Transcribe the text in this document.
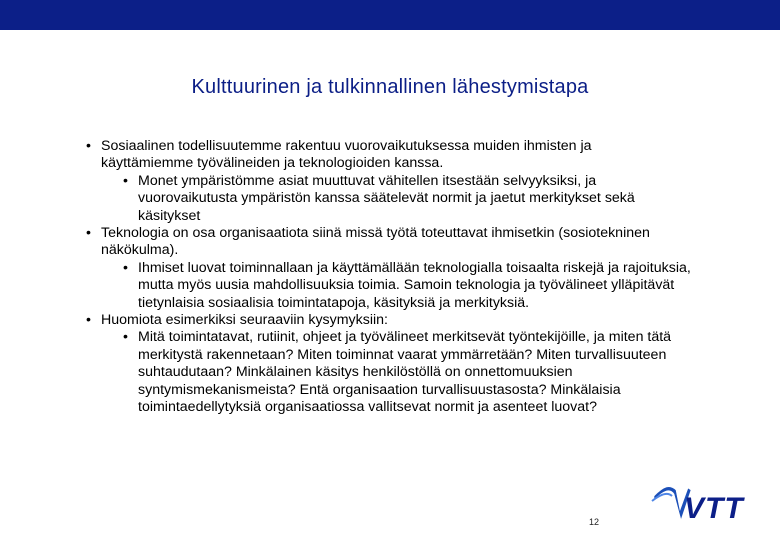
Kulttuurinen ja tulkinnallinen lähestymistapa

• Sosiaalinen todellisuutemme rakentuu vuorovaikutuksessa muiden ihmisten ja käyttämiemme työvälineiden ja teknologioiden kanssa.

• Monet ympäristömme asiat muuttuvat vähitellen itsestään selvyyksiksi, ja vuorovaikutusta ympäristön kanssa säätelevät normit ja jaetut merkitykset sekä käsitykset

• Teknologia on osa organisaatiota siinä missä työtä toteuttavat ihmisetkin (sosiotekninen näkökulma).

• Ihmiset luovat toiminnallaan ja käyttämällään teknologialla toisaalta riskejä ja rajoituksia, mutta myös uusia mahdollisuuksia toimia. Samoin teknologia ja työvälineet ylläpitävät tietynlaisia sosiaalisia toimintatapoja, käsityksiä ja merkityksiä.

• Huomiota esimerkiksi seuraaviin kysymyksiin:

• Mitä toimintatavat, rutiinit, ohjeet ja työvälineet merkitsevät työntekijöille, ja miten tätä merkitystä rakennetaan? Miten toiminnat vaarat ymmärretään? Miten turvallisuuteen suhtaudutaan? Minkälainen käsitys henkilöstöllä on onnettomuuksien syntymismekanismeista? Entä organisaation turvallisuustasosta? Minkälaisia toimintaedellytyksiä organisaatiossa vallitsevat normit ja asenteet luovat?

12	VTT
